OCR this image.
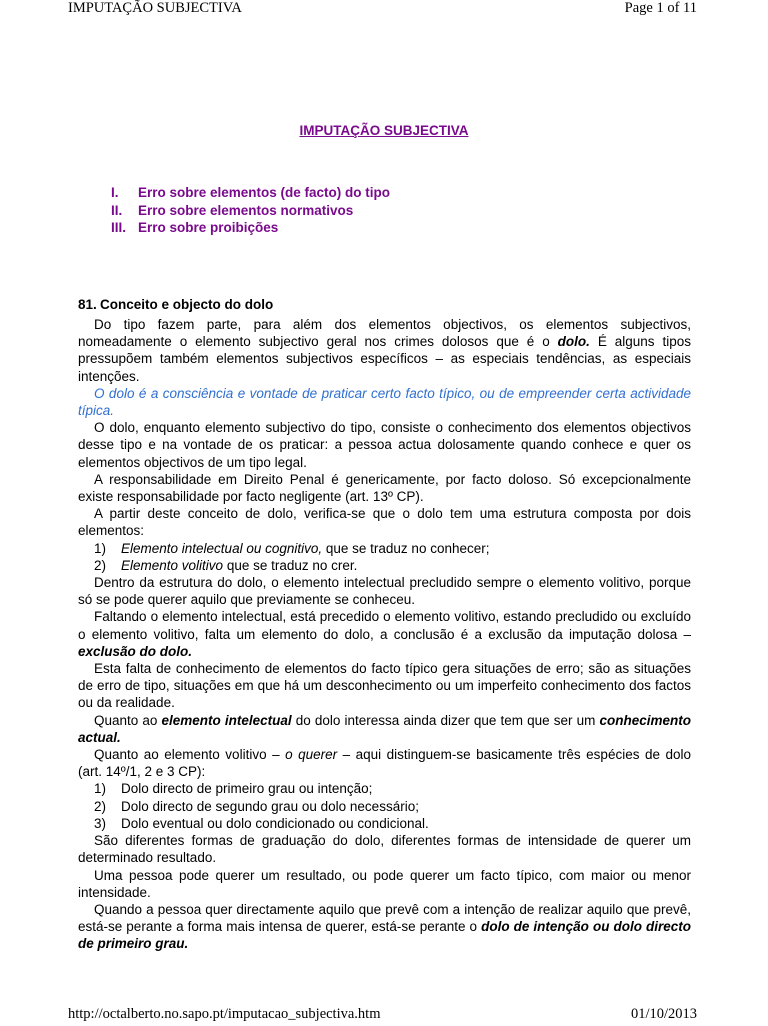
IMPUTAÇÃO SUBJECTIVA	Page 1 of 11
IMPUTAÇÃO SUBJECTIVA
I. Erro sobre elementos (de facto) do tipo
II. Erro sobre elementos normativos
III. Erro sobre proibições
81. Conceito e objecto do dolo

Do tipo fazem parte, para além dos elementos objectivos, os elementos subjectivos, nomeadamente o elemento subjectivo geral nos crimes dolosos que é o dolo. É alguns tipos pressupõem também elementos subjectivos específicos – as especiais tendências, as especiais intenções.

O dolo é a consciência e vontade de praticar certo facto típico, ou de empreender certa actividade típica.

O dolo, enquanto elemento subjectivo do tipo, consiste o conhecimento dos elementos objectivos desse tipo e na vontade de os praticar: a pessoa actua dolosamente quando conhece e quer os elementos objectivos de um tipo legal.

A responsabilidade em Direito Penal é genericamente, por facto doloso. Só excepcionalmente existe responsabilidade por facto negligente (art. 13º CP).

A partir deste conceito de dolo, verifica-se que o dolo tem uma estrutura composta por dois elementos:

1) Elemento intelectual ou cognitivo, que se traduz no conhecer;

2) Elemento volitivo que se traduz no crer.

Dentro da estrutura do dolo, o elemento intelectual precludido sempre o elemento volitivo, porque só se pode querer aquilo que previamente se conheceu.

Faltando o elemento intelectual, está precedido o elemento volitivo, estando precludido ou excluído o elemento volitivo, falta um elemento do dolo, a conclusão é a exclusão da imputação dolosa – exclusão do dolo.

Esta falta de conhecimento de elementos do facto típico gera situações de erro; são as situações de erro de tipo, situações em que há um desconhecimento ou um imperfeito conhecimento dos factos ou da realidade.

Quanto ao elemento intelectual do dolo interessa ainda dizer que tem que ser um conhecimento actual.

Quanto ao elemento volitivo – o querer – aqui distinguem-se basicamente três espécies de dolo (art. 14º/1, 2 e 3 CP):

1) Dolo directo de primeiro grau ou intenção;

2) Dolo directo de segundo grau ou dolo necessário;

3) Dolo eventual ou dolo condicionado ou condicional.

São diferentes formas de graduação do dolo, diferentes formas de intensidade de querer um determinado resultado.

Uma pessoa pode querer um resultado, ou pode querer um facto típico, com maior ou menor intensidade.

Quando a pessoa quer directamente aquilo que prevê com a intenção de realizar aquilo que prevê, está-se perante a forma mais intensa de querer, está-se perante o dolo de intenção ou dolo directo de primeiro grau.

http://octalberto.no.sapo.pt/imputacao_subjectiva.htm	01/10/2013
